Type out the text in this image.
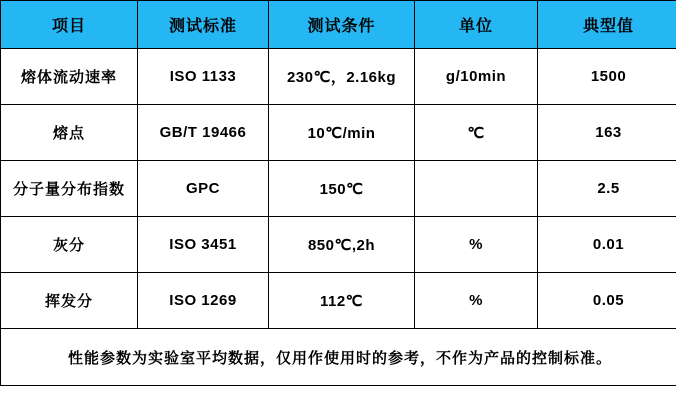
项目	测试标准	测试条件	单位	典型值
熔体流动速率	ISO 1133	230℃，2.16kg	g/10min	1500
熔点	GB/T 19466	10℃/min	℃	163
分子量分布指数	GPC	150℃		2.5
灰分	ISO 3451	850℃,2h	%	0.01
挥发分	ISO 1269	112℃	%	0.05
性能参数为实验室平均数据，仅用作使用时的参考，不作为产品的控制标准。				
